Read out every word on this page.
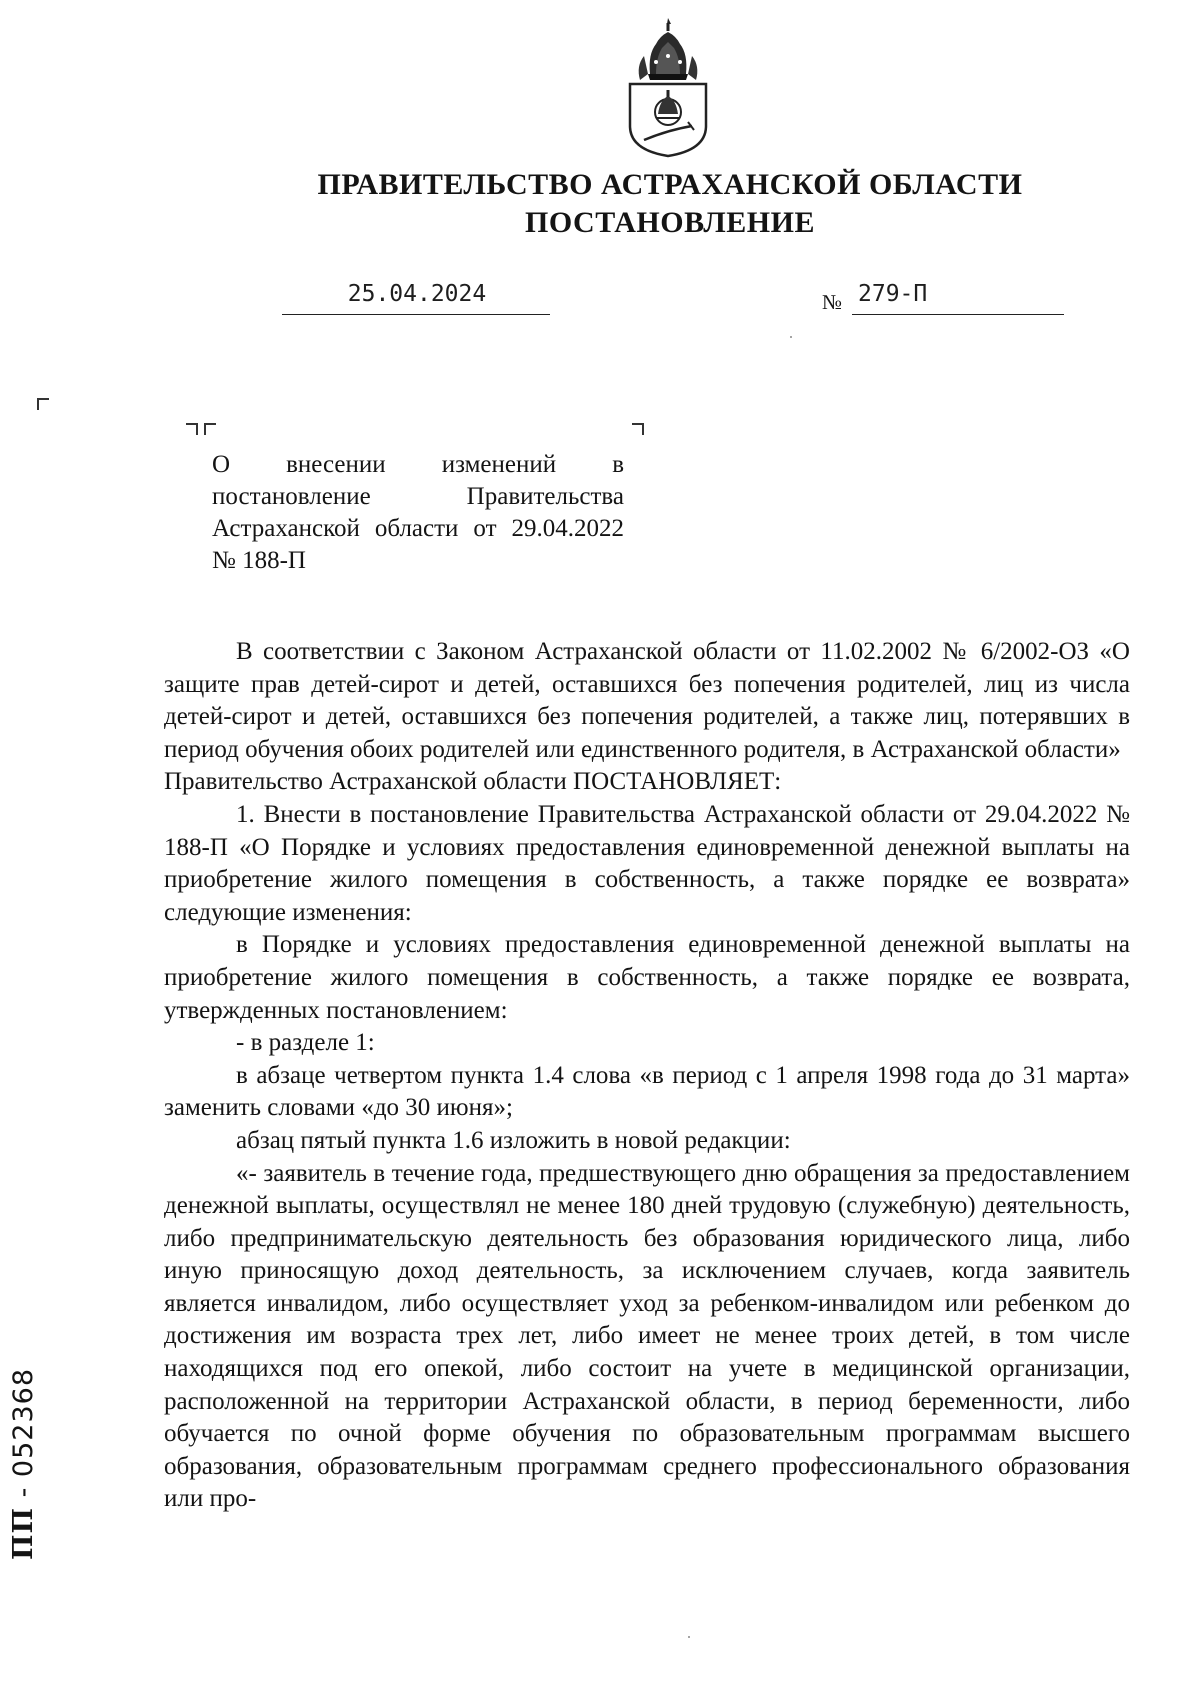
ПРАВИТЕЛЬСТВО АСТРАХАНСКОЙ ОБЛАСТИ
ПОСТАНОВЛЕНИЕ
25.04.2024	№ 279-П
О внесении изменений в постановление Правительства Астраханской области от 29.04.2022 № 188-П

В соответствии с Законом Астраханской области от 11.02.2002 № 6/2002-ОЗ «О защите прав детей-сирот и детей, оставшихся без попечения родителей, лиц из числа детей-сирот и детей, оставшихся без попечения родителей, а также лиц, потерявших в период обучения обоих родителей или единственного родителя, в Астраханской области»

Правительство Астраханской области ПОСТАНОВЛЯЕТ:

1. Внести в постановление Правительства Астраханской области от 29.04.2022 № 188-П «О Порядке и условиях предоставления единовременной денежной выплаты на приобретение жилого помещения в собственность, а также порядке ее возврата» следующие изменения:

в Порядке и условиях предоставления единовременной денежной выплаты на приобретение жилого помещения в собственность, а также порядке ее возврата, утвержденных постановлением:

- в разделе 1:

в абзаце четвертом пункта 1.4 слова «в период с 1 апреля 1998 года до 31 марта» заменить словами «до 30 июня»;

абзац пятый пункта 1.6 изложить в новой редакции:

«- заявитель в течение года, предшествующего дню обращения за предоставлением денежной выплаты, осуществлял не менее 180 дней трудовую (служебную) деятельность, либо предпринимательскую деятельность без образования юридического лица, либо иную приносящую доход деятельность, за исключением случаев, когда заявитель является инвалидом, либо осуществляет уход за ребенком-инвалидом или ребенком до достижения им возраста трех лет, либо имеет не менее троих детей, в том числе находящихся под его опекой, либо состоит на учете в медицинской организации, расположенной на территории Астраханской области, в период беременности, либо обучается по очной форме обучения по образовательным программам высшего образования, образовательным программам среднего профессионального образования или про-

ПП - 052368
